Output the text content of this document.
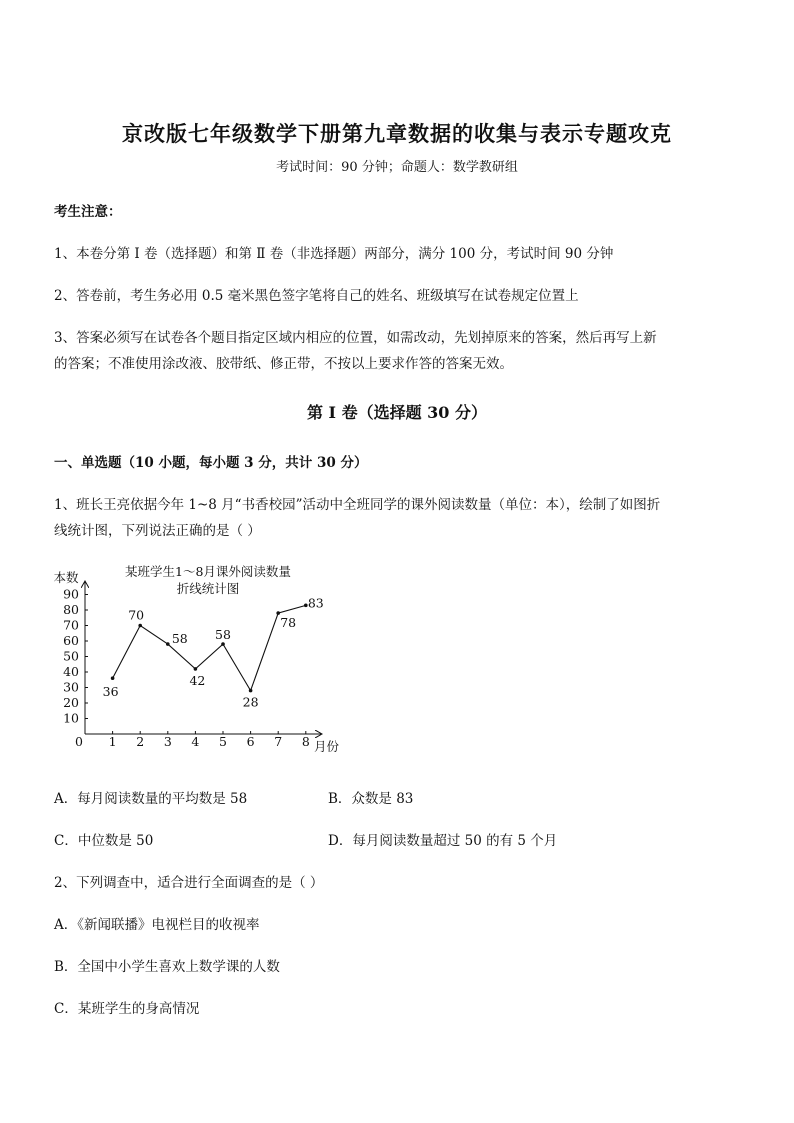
京改版七年级数学下册第九章数据的收集与表示专题攻克
考试时间：90 分钟；命题人：数学教研组
考生注意：
1、本卷分第 Ⅰ 卷（选择题）和第 Ⅱ 卷（非选择题）两部分，满分 100 分，考试时间 90 分钟
2、答卷前，考生务必用 0.5 毫米黑色签字笔将自己的姓名、班级填写在试卷规定位置上
3、答案必须写在试卷各个题目指定区域内相应的位置，如需改动，先划掉原来的答案，然后再写上新
的答案；不准使用涂改液、胶带纸、修正带，不按以上要求作答的答案无效。
第 I 卷（选择题 30 分）
一、单选题（10 小题，每小题 3 分，共计 30 分）
1、班长王亮依据今年 1~8 月“书香校园”活动中全班同学的课外阅读数量（单位：本），绘制了如图折
线统计图，下列说法正确的是（ ）
某班学生1～8月课外阅读数量
折线统计图
本数
月份
10
20
30
40
50
60
70
80
90
0 1 2 3 4 5 6 7 8
36
70
58
42
58
28
78
83
A．每月阅读数量的平均数是 58	B．众数是 83
C．中位数是 50	D．每月阅读数量超过 50 的有 5 个月
2、下列调查中，适合进行全面调查的是（ ）
A．《新闻联播》电视栏目的收视率
B．全国中小学生喜欢上数学课的人数
C．某班学生的身高情况
